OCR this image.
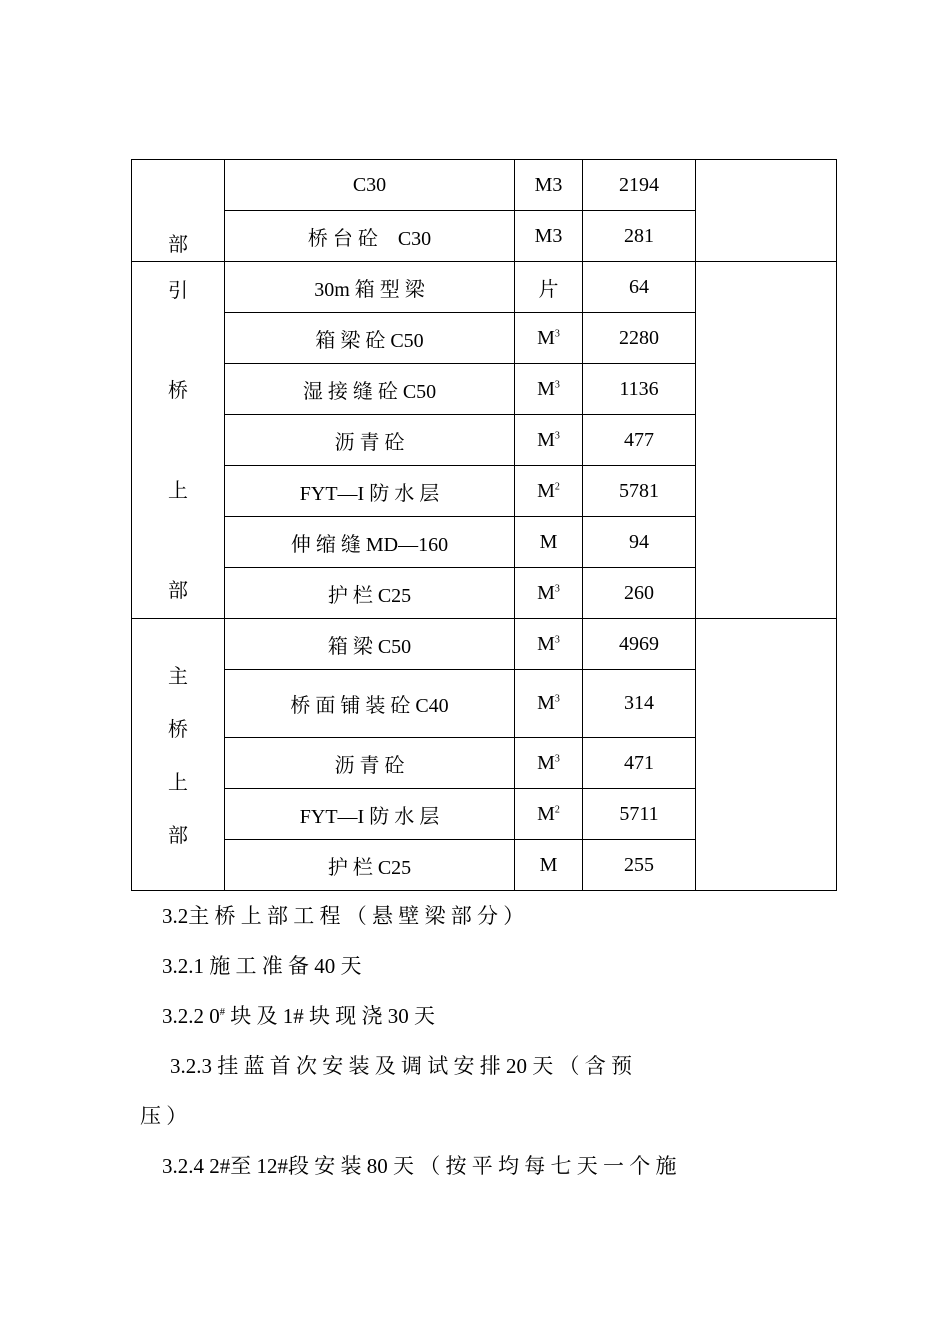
部	C30	M3	2194	
	桥 台 砼　C30	M3	281	

引
桥
上
部	30m 箱 型 梁	片	64	
	箱 梁 砼 C50	$M^3$	2280	
	湿 接 缝 砼 C50	$M^3$	1136	
	沥 青 砼	$M^3$	477	
	FYT—I 防 水 层	$M^2$	5781	
	伸 缩 缝 MD—160	M	94	
	护 栏 C25	$M^3$	260	

主
桥
上
部	箱 梁 C50	$M^3$	4969	
	桥 面 铺 装 砼 C40	$M^3$	314	
	沥 青 砼	$M^3$	471	
	FYT—I 防 水 层	$M^2$	5711	
	护 栏 C25	M	255	
3.2主 桥 上 部 工 程 （ 悬 壁 梁 部 分 ）
3.2.1 施 工 准 备 40 天
3.2.2 0# 块 及 1# 块 现 浇 30 天
3.2.3 挂 蓝 首 次 安 装 及 调 试 安 排 20 天 （ 含 预
压 ）
3.2.4 2#至 12#段 安 装 80 天 （ 按 平 均 每 七 天 一 个 施
